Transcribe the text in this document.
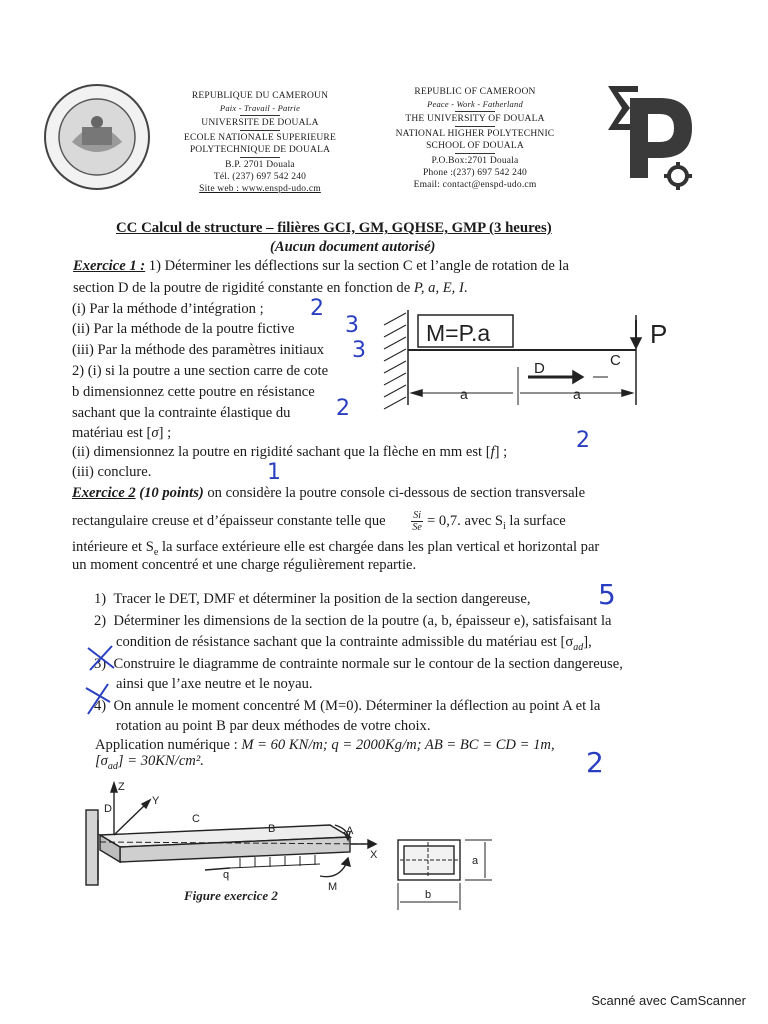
REPUBLIQUE DU CAMEROUN
Paix - Travail - Patrie
UNIVERSITE DE DOUALA
ECOLE NATIONALE SUPERIEURE
POLYTECHNIQUE DE DOUALA
B.P. 2701 Douala
Tél. (237) 697 542 240
Site web : www.enspd-udo.cm
REPUBLIC OF CAMEROON
Peace - Work - Fatherland
THE UNIVERSITY OF DOUALA
NATIONAL HIGHER POLYTECHNIC
SCHOOL OF DOUALA
P.O.Box:2701 Douala
Phone :(237) 697 542 240
Email: contact@enspd-udo.cm
CC Calcul de structure – filières GCI, GM, GQHSE, GMP (3 heures)
(Aucun document autorisé)
Exercice 1 : 1) Déterminer les déflections sur la section C et l’angle de rotation de la
section D de la poutre de rigidité constante en fonction de P, a, E, I.
(i) Par la méthode d’intégration ;
(ii) Par la méthode de la poutre fictive
(iii) Par la méthode des paramètres initiaux
2) (i) si la poutre a une section carre de cote
b dimensionnez cette poutre en résistance
sachant que la contrainte élastique du
matériau est [σ] ;
(ii) dimensionnez la poutre en rigidité sachant que la flèche en mm est [f] ;
(iii) conclure.
M=P.a	P
D	C
a	a
Exercice 2 (10 points) on considère la poutre console ci-dessous de section transversale
rectangulaire creuse et d’épaisseur constante telle que	$\frac{Si}{Se} = 0,7$. avec $S_i$ la surface
intérieure et $S_e$ la surface extérieure elle est chargée dans les plan vertical et horizontal par
un moment concentré et une charge régulièrement repartie.
1)  Tracer le DET, DMF et déterminer la position de la section dangereuse,
2)  Déterminer les dimensions de la section de la poutre (a, b, épaisseur e), satisfaisant la
condition de résistance sachant que la contrainte admissible du matériau est $[\sigma_{ad}]$,
3)  Construire le diagramme de contrainte normale sur le contour de la section dangereuse,
ainsi que l’axe neutre et le noyau.
4)  On annule le moment concentré M (M=0). Déterminer la déflection au point A et la
rotation au point B par deux méthodes de votre choix.
Application numérique : M = 60 KN/m; q = 2000Kg/m; AB = BC = CD = 1m,
$[\sigma_{ad}] = 30KN/cm^2$.
Z
Y
D
C
B	A
X
q
M
a
b
Figure exercice 2
2
3
3
2
2
1
5
2
Scanné avec CamScanner
